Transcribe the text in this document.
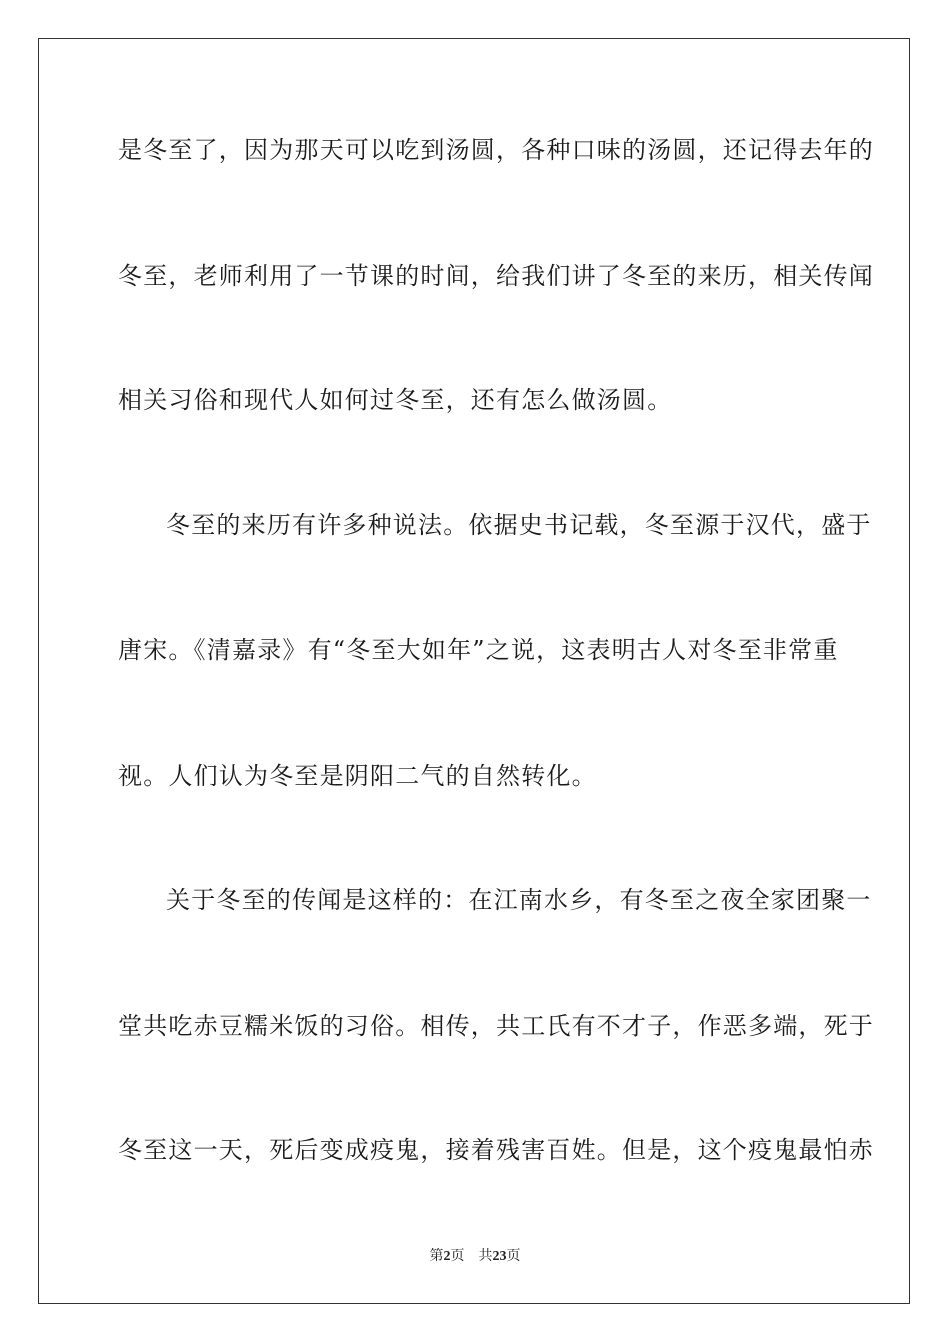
是冬至了，因为那天可以吃到汤圆，各种口味的汤圆，还记得去年的
冬至，老师利用了一节课的时间，给我们讲了冬至的来历，相关传闻
相关习俗和现代人如何过冬至，还有怎么做汤圆。
冬至的来历有许多种说法。依据史书记载，冬至源于汉代，盛于
唐宋。《清嘉录》有“冬至大如年”之说，这表明古人对冬至非常重
视。人们认为冬至是阴阳二气的自然转化。
关于冬至的传闻是这样的：在江南水乡，有冬至之夜全家团聚一
堂共吃赤豆糯米饭的习俗。相传，共工氏有不才子，作恶多端，死于
冬至这一天，死后变成疫鬼，接着残害百姓。但是，这个疫鬼最怕赤
第2页 共23页
